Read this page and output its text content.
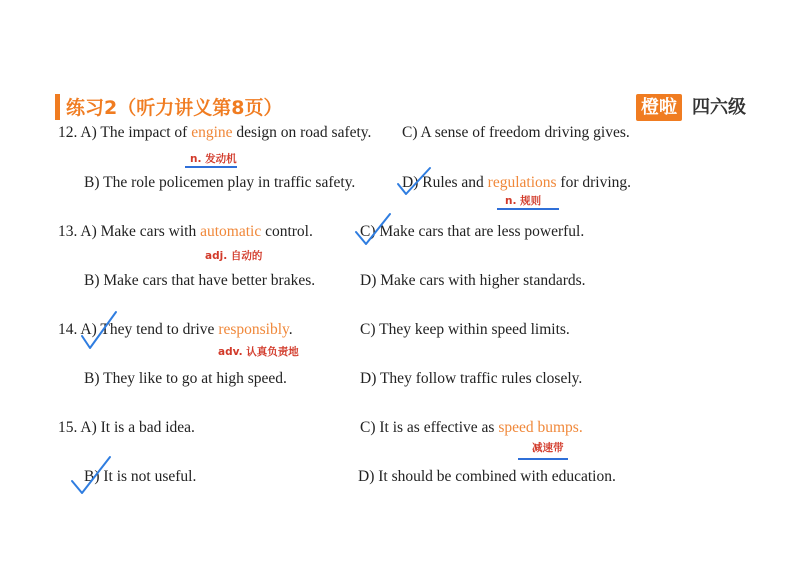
练习2（听力讲义第8页）	橙啦 四六级
12. A) The impact of engine design on road safety. C) A sense of freedom driving gives.
n. 发动机
B) The role policemen play in traffic safety.	D) Rules and regulations for driving.
n. 规则
13. A) Make cars with automatic control.	C) Make cars that are less powerful.
adj. 自动的
B) Make cars that have better brakes.	D) Make cars with higher standards.
14. A) They tend to drive responsibly.	C) They keep within speed limits.
adv. 认真负责地
B) They like to go at high speed.	D) They follow traffic rules closely.
15. A) It is a bad idea.	C) It is as effective as speed bumps.
减速带
B) It is not useful.	D) It should be combined with education.
